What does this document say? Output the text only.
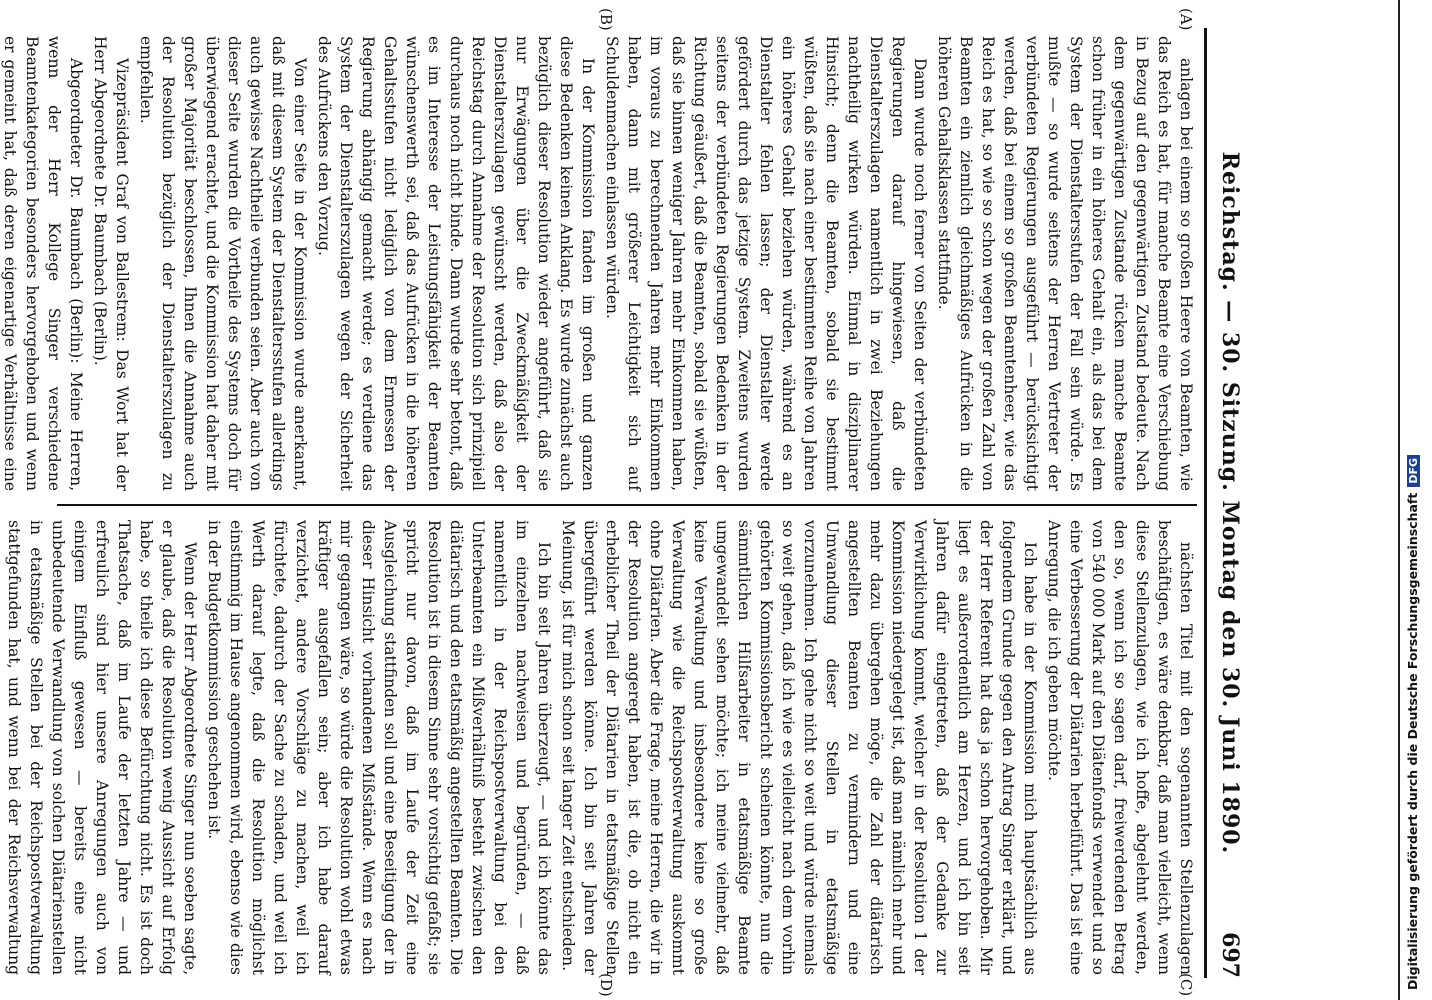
Reichstag. — 30. Sitzung. Montag den 30. Juni 1890.
697
(A)
(B)
(C)
(D)

anlagen bei einem so großen Heere von Beamten, wie das Reich es hat, für manche Beamte eine Verschiebung in Bezug auf den gegenwärtigen Zustand bedeute. Nach dem gegenwärtigen Zustande rücken manche Beamte schon früher in ein höheres Gehalt ein, als das bei dem System der Dienstaltersstufen der Fall sein würde. Es mußte — so wurde seitens der Herren Vertreter der verbündeten Regierungen ausgeführt — berücksichtigt werden, daß bei einem so großen Beamtenheer, wie das Reich es hat, so wie so schon wegen der großen Zahl von Beamten ein ziemlich gleichmäßiges Aufrücken in die höheren Gehaltsklassen stattfinde.

Dann wurde noch ferner von Seiten der verbündeten Regierungen darauf hingewiesen, daß die Dienstalterszulagen namentlich in zwei Beziehungen nachtheilig wirken würden. Einmal in disziplinarer Hinsicht; denn die Beamten, sobald sie bestimmt wüßten, daß sie nach einer bestimmten Reihe von Jahren ein höheres Gehalt beziehen würden, während es an Dienstalter fehlen lassen; der Dienstalter werde gefördert durch das jetzige System. Zweitens wurden seitens der verbündeten Regierungen Bedenken in der Richtung geäußert, daß die Beamten, sobald sie wüßten, daß sie binnen weniger Jahren mehr Einkommen haben, im voraus zu berechnenden Jahren mehr Einkommen haben, dann mit größerer Leichtigkeit sich auf Schuldenmachen einlassen würden.

In der Kommission fanden im großen und ganzen diese Bedenken keinen Anklang. Es wurde zunächst auch bezüglich dieser Resolution wieder angeführt, daß sie nur Erwägungen über die Zweckmäßigkeit der Dienstalterszulagen gewünscht werden, daß also der Reichstag durch Annahme der Resolution sich prinzipiell durchaus noch nicht binde. Dann wurde sehr betont, daß es im Interesse der Leistungsfähigkeit der Beamten wünschenswerth sei, daß das Aufrücken in die höheren Gehaltsstufen nicht lediglich von dem Ermessen der Regierung abhängig gemacht werde; es verdiene das System der Dienstalterszulagen wegen der Sicherheit des Aufrückens den Vorzug.

Von einer Seite in der Kommission wurde anerkannt, daß mit diesem System der Dienstaltersstufen allerdings auch gewisse Nachtheile verbunden seien. Aber auch von dieser Seite wurden die Vortheile des Systems doch für überwiegend erachtet, und die Kommission hat daher mit großer Majorität beschlossen, Ihnen die Annahme auch der Resolution bezüglich der Dienstalterszulagen zu empfehlen.

Vizepräsident Graf von Ballestrem: Das Wort hat der Herr Abgeordnete Dr. Baumbach (Berlin).

Abgeordneter Dr. Baumbach (Berlin): Meine Herren, wenn der Herr Kollege Singer verschiedene Beamtenkategorien besonders hervorgehoben und wenn er gemeint hat, daß deren eigenartige Verhältnisse eine

nächsten Titel mit den sogenannten Stellenzulagen beschäftigen, es wäre denkbar, daß man vielleicht, wenn diese Stellenzulagen, wie ich hoffe, abgelehnt werden, den so, wenn ich so sagen darf, freiwerdenden Betrag von 540 000 Mark auf den Diätenfonds verwendet und so eine Verbesserung der Diätarien herbeiführt. Das ist eine Anregung, die ich geben möchte.

Ich habe in der Kommission mich hauptsächlich aus folgendem Grunde gegen den Antrag Singer erklärt, und der Herr Referent hat das ja schon hervorgehoben. Mir liegt es außerordentlich am Herzen, und ich bin seit Jahren dafür eingetreten, daß der Gedanke zur Verwirklichung kommt, welcher in der Resolution 1 der Kommission niedergelegt ist, daß man nämlich mehr und mehr dazu übergehen möge, die Zahl der diätarisch angestellten Beamten zu vermindern und eine Umwandlung dieser Stellen in etatsmäßige vorzunehmen. Ich gehe nicht so weit und würde niemals so weit gehen, daß ich wie es vielleicht nach dem vorhin gehörten Kommissionsbericht scheinen könnte, nun die sämmtlichen Hilfsarbeiter in etatsmäßige Beamte umgewandelt sehen möchte; ich meine vielmehr, daß keine Verwaltung und insbesondere keine so große Verwaltung wie die Reichspostverwaltung auskommt ohne Diätarien. Aber die Frage, meine Herren, die wir in der Resolution angeregt haben, ist die, ob nicht ein erheblicher Theil der Diätarien in etatsmäßige Stellen übergeführt werden könne. Ich bin seit Jahren der Meinung, ist für mich schon seit langer Zeit entschieden.

Ich bin seit Jahren überzeugt, — und ich könnte das im einzelnen nachweisen und begründen, — daß namentlich in der Reichspostverwaltung bei den Unterbeamten ein Mißverhältniß besteht zwischen den diätarisch und den etatsmäßig angestellten Beamten. Die Resolution ist in diesem Sinne sehr vorsichtig gefaßt; sie spricht nur davon, daß im Laufe der Zeit eine Ausgleichung stattfinden soll und eine Beseitigung der in dieser Hinsicht vorhandenen Mißstände. Wenn es nach mir gegangen wäre, so würde die Resolution wohl etwas kräftiger ausgefallen sein; aber ich habe darauf verzichtet, andere Vorschläge zu machen, weil ich fürchtete, dadurch der Sache zu schaden, und weil ich Werth darauf legte, daß die Resolution möglichst einstimmig im Hause angenommen wird, ebenso wie dies in der Budgetkommission geschehen ist.

Wenn der Herr Abgeordnete Singer nun soeben sagte, er glaube, daß die Resolution wenig Aussicht auf Erfolg habe, so theile ich diese Befürchtung nicht. Es ist doch Thatsache, daß im Laufe der letzten Jahre — und erfreulich sind hier unsere Anregungen auch von einigem Einfluß gewesen — bereits eine nicht unbedeutende Verwandlung von solchen Diätarienstellen in etatsmäßige Stellen bei der Reichspostverwaltung stattgefunden hat, und wenn bei der Reichsverwaltung	Digitalisierung gefördert durch die Deutsche ForschungsgemeinschaftDFG
